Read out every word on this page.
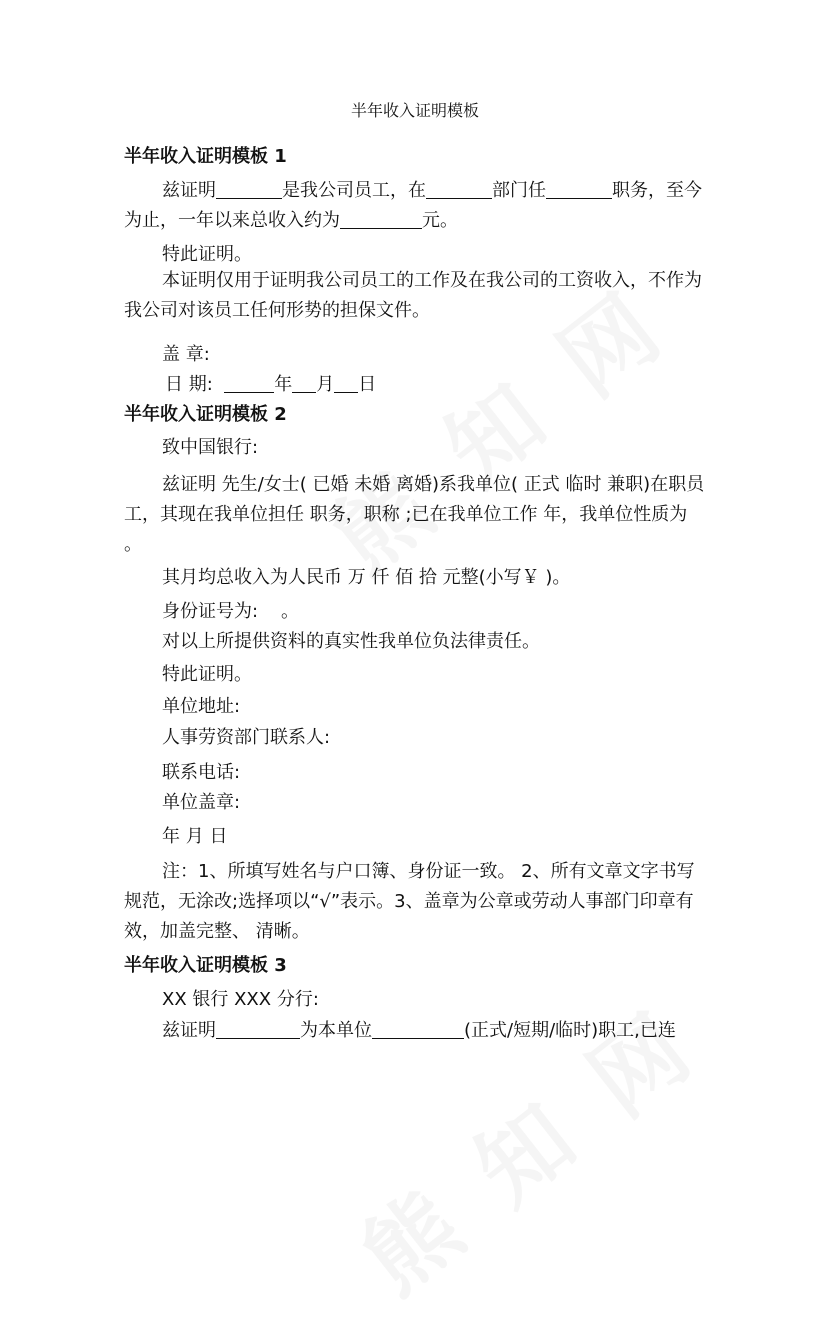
半年收入证明模板
半年收入证明模板 1

兹证明	是我公司员工，在	部门任	职务，至今为止，一年以来总收入约为	元。

特此证明。

本证明仅用于证明我公司员工的工作及在我公司的工资收入，不作为我公司对该员工任何形势的担保文件。

盖 章:
日 期:	年 月 日
半年收入证明模板 2
致中国银行:

兹证明 先生/女士( 已婚 未婚 离婚)系我单位( 正式 临时 兼职)在职员工，其现在我单位担任 职务，职称 ;已在我单位工作 年，我单位性质为 。

其月均总收入为人民币 万 仟 佰 拾 元整(小写￥ )。
身份证号为:    。
对以上所提供资料的真实性我单位负法律责任。
特此证明。
单位地址:
人事劳资部门联系人:
联系电话:
单位盖章:
年 月 日

注：1、所填写姓名与户口簿、身份证一致。 2、所有文章文字书写规范，无涂改;选择项以“√”表示。3、盖章为公章或劳动人事部门印章有效，加盖完整、 清晰。

半年收入证明模板 3
XX 银行 XXX 分行:
兹证明	为本单位	(正式/短期/临时)职工,已连
